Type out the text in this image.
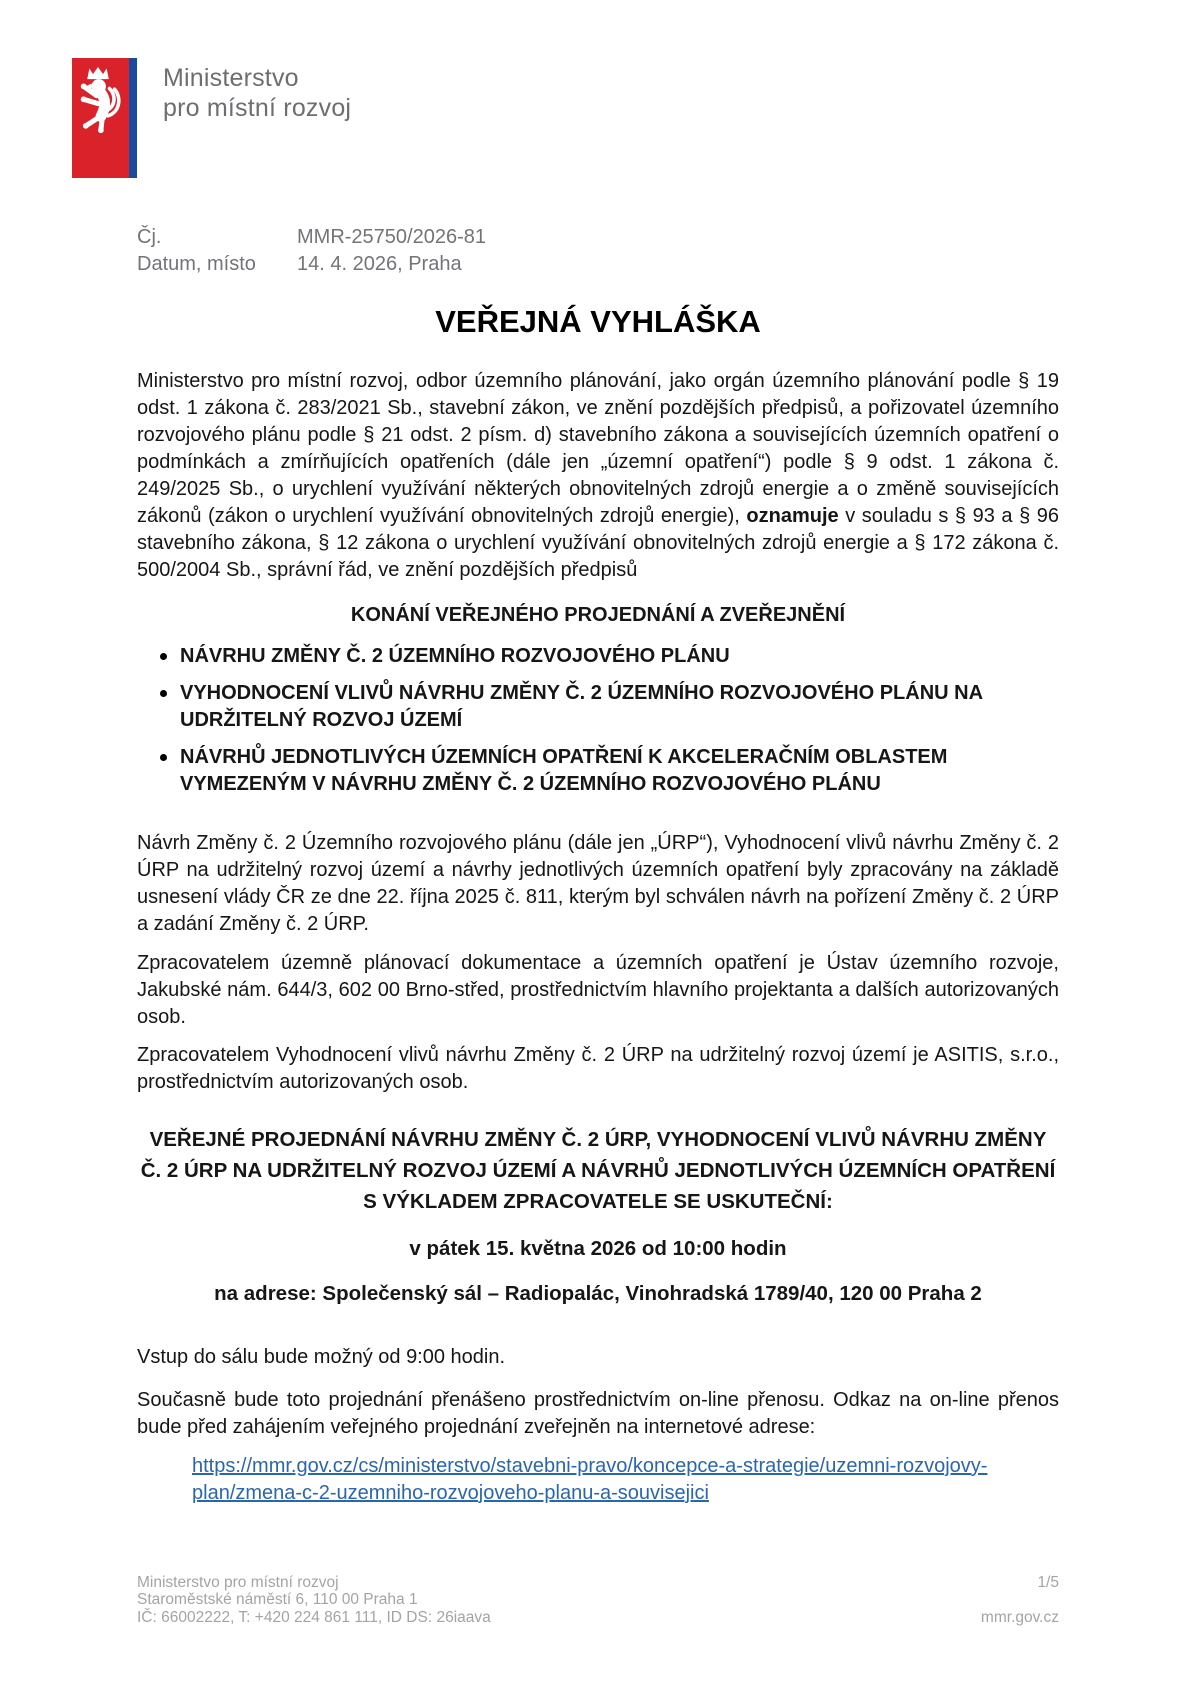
Ministerstvo
pro místní rozvoj
Čj.	MMR-25750/2026-81
Datum, místo	14. 4. 2026, Praha
VEŘEJNÁ VYHLÁŠKA

Ministerstvo pro místní rozvoj, odbor územního plánování, jako orgán územního plánování podle § 19 odst. 1 zákona č. 283/2021 Sb., stavební zákon, ve znění pozdějších předpisů, a pořizovatel územního rozvojového plánu podle § 21 odst. 2 písm. d) stavebního zákona a souvisejících územních opatření o podmínkách a zmírňujících opatřeních (dále jen „územní opatření“) podle § 9 odst. 1 zákona č. 249/2025 Sb., o urychlení využívání některých obnovitelných zdrojů energie a o změně souvisejících zákonů (zákon o urychlení využívání obnovitelných zdrojů energie), oznamuje v souladu s § 93 a § 96 stavebního zákona, § 12 zákona o urychlení využívání obnovitelných zdrojů energie a § 172 zákona č. 500/2004 Sb., správní řád, ve znění pozdějších předpisů

KONÁNÍ VEŘEJNÉHO PROJEDNÁNÍ A ZVEŘEJNĚNÍ
NÁVRHU ZMĚNY Č. 2 ÚZEMNÍHO ROZVOJOVÉHO PLÁNU
VYHODNOCENÍ VLIVŮ NÁVRHU ZMĚNY Č. 2 ÚZEMNÍHO ROZVOJOVÉHO PLÁNU NA UDRŽITELNÝ ROZVOJ ÚZEMÍ
NÁVRHŮ JEDNOTLIVÝCH ÚZEMNÍCH OPATŘENÍ K AKCELERAČNÍM OBLASTEM VYMEZENÝM V NÁVRHU ZMĚNY Č. 2 ÚZEMNÍHO ROZVOJOVÉHO PLÁNU

Návrh Změny č. 2 Územního rozvojového plánu (dále jen „ÚRP“), Vyhodnocení vlivů návrhu Změny č. 2 ÚRP na udržitelný rozvoj území a návrhy jednotlivých územních opatření byly zpracovány na základě usnesení vlády ČR ze dne 22. října 2025 č. 811, kterým byl schválen návrh na pořízení Změny č. 2 ÚRP a zadání Změny č. 2 ÚRP.

Zpracovatelem územně plánovací dokumentace a územních opatření je Ústav územního rozvoje, Jakubské nám. 644/3, 602 00 Brno-střed, prostřednictvím hlavního projektanta a dalších autorizovaných osob.

Zpracovatelem Vyhodnocení vlivů návrhu Změny č. 2 ÚRP na udržitelný rozvoj území je ASITIS, s.r.o., prostřednictvím autorizovaných osob.

VEŘEJNÉ PROJEDNÁNÍ NÁVRHU ZMĚNY Č. 2 ÚRP, VYHODNOCENÍ VLIVŮ NÁVRHU ZMĚNY Č. 2 ÚRP NA UDRŽITELNÝ ROZVOJ ÚZEMÍ A NÁVRHŮ JEDNOTLIVÝCH ÚZEMNÍCH OPATŘENÍ S VÝKLADEM ZPRACOVATELE SE USKUTEČNÍ:

v pátek 15. května 2026 od 10:00 hodin

na adrese: Společenský sál – Radiopalác, Vinohradská 1789/40, 120 00 Praha 2

Vstup do sálu bude možný od 9:00 hodin.

Současně bude toto projednání přenášeno prostřednictvím on-line přenosu. Odkaz na on-line přenos bude před zahájením veřejného projednání zveřejněn na internetové adrese:

https://mmr.gov.cz/cs/ministerstvo/stavebni-pravo/koncepce-a-strategie/uzemni-rozvojovy-plan/zmena-c-2-uzemniho-rozvojoveho-planu-a-souvisejici

Ministerstvo pro místní rozvoj
Staroměstské náměstí 6, 110 00 Praha 1
IČ: 66002222, T: +420 224 861 111, ID DS: 26iaava
1/5
mmr.gov.cz
